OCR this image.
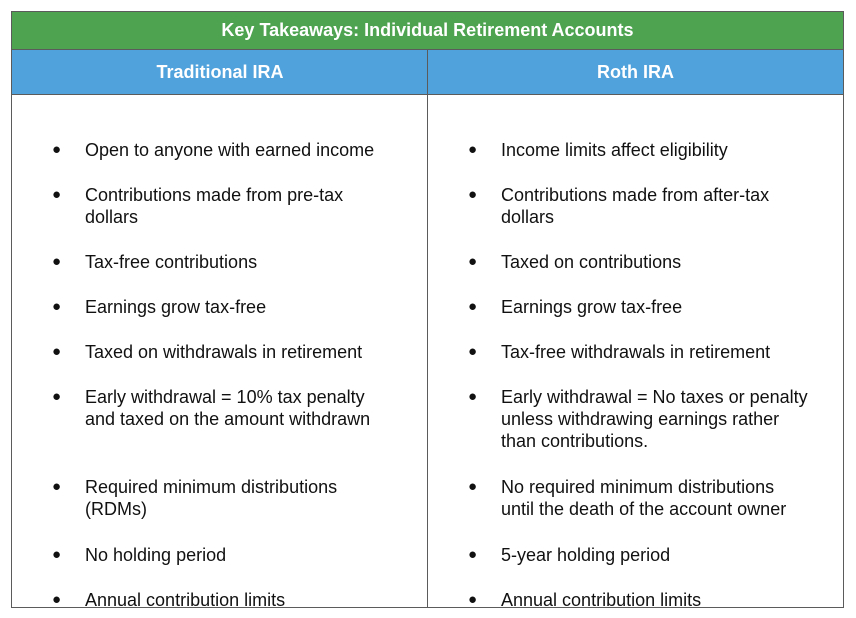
Key Takeaways: Individual Retirement Accounts
Traditional IRA	Roth IRA
● Open to anyone with earned income
● Contributions made from pre-tax
dollars
● Tax-free contributions
● Earnings grow tax-free
● Taxed on withdrawals in retirement
● Early withdrawal = 10% tax penalty
and taxed on the amount withdrawn
● Required minimum distributions
(RDMs)
● No holding period
● Annual contribution limits
● Income limits affect eligibility
● Contributions made from after-tax
dollars
● Taxed on contributions
● Earnings grow tax-free
● Tax-free withdrawals in retirement
● Early withdrawal = No taxes or penalty
unless withdrawing earnings rather
than contributions.
● No required minimum distributions
until the death of the account owner
● 5-year holding period
● Annual contribution limits
